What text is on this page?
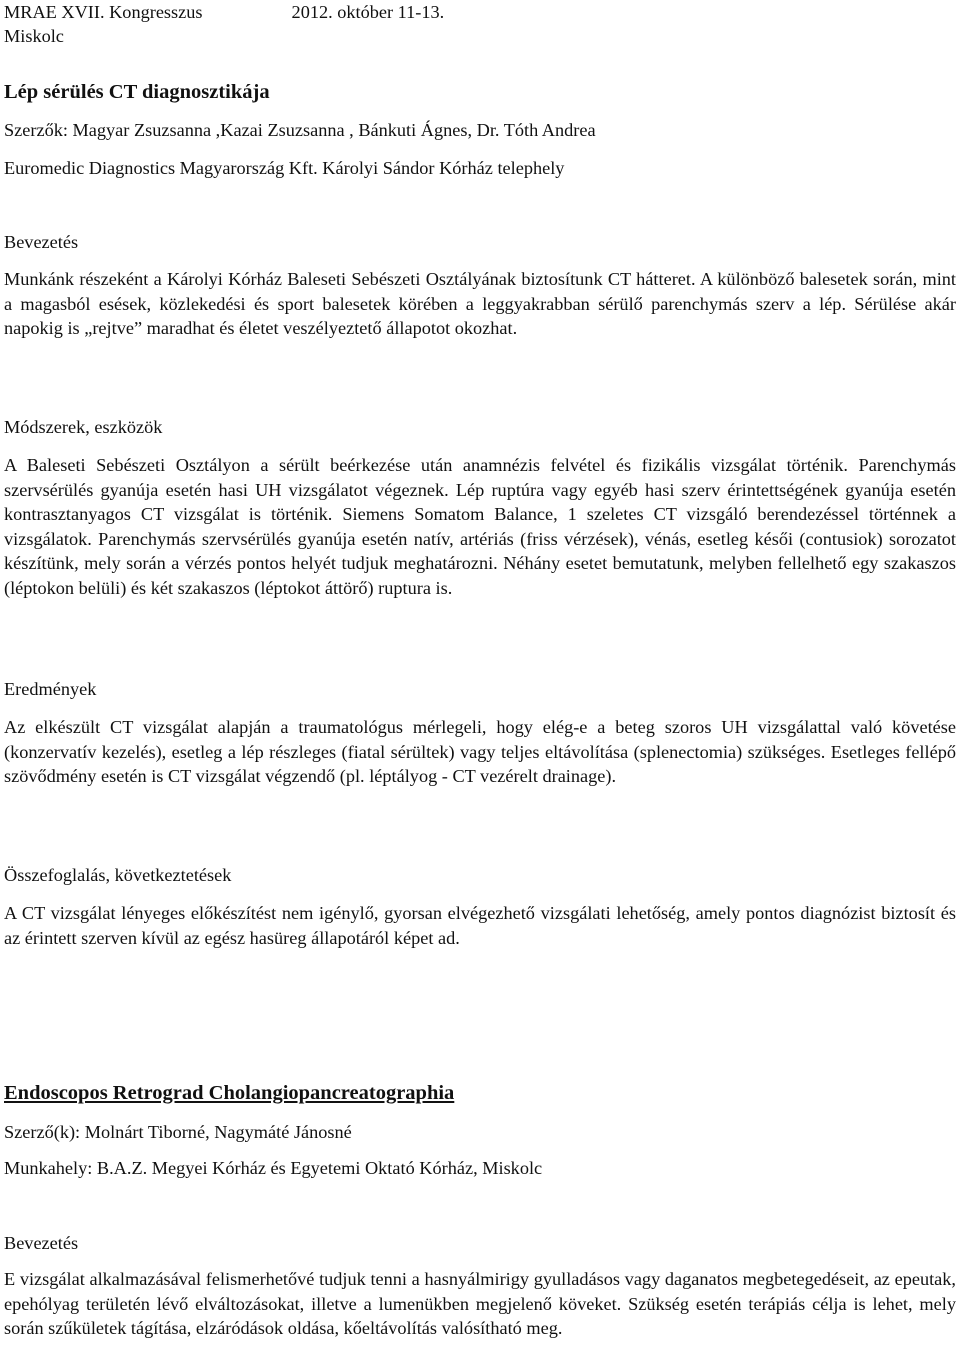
MRAE XVII. Kongresszus	2012. október 11-13.
Miskolc
Lép sérülés CT diagnosztikája
Szerzők: Magyar Zsuzsanna ,Kazai Zsuzsanna , Bánkuti Ágnes, Dr. Tóth Andrea
Euromedic Diagnostics Magyarország Kft. Károlyi Sándor Kórház telephely
Bevezetés
Munkánk részeként a Károlyi Kórház Baleseti Sebészeti Osztályának biztosítunk CT hátteret. A különböző balesetek során, mint a magasból esések, közlekedési és sport balesetek körében a leggyakrabban sérülő parenchymás szerv a lép. Sérülése akár napokig is „rejtve” maradhat és életet veszélyeztető állapotot okozhat.
Módszerek, eszközök
A Baleseti Sebészeti Osztályon a sérült beérkezése után anamnézis felvétel és fizikális vizsgálat történik. Parenchymás szervsérülés gyanúja esetén hasi UH vizsgálatot végeznek. Lép ruptúra vagy egyéb hasi szerv érintettségének gyanúja esetén kontrasztanyagos CT vizsgálat is történik. Siemens Somatom Balance, 1 szeletes CT vizsgáló berendezéssel történnek a vizsgálatok. Parenchymás szervsérülés gyanúja esetén natív, artériás (friss vérzések), vénás, esetleg késői (contusiok) sorozatot készítünk, mely során a vérzés pontos helyét tudjuk meghatározni. Néhány esetet bemutatunk, melyben fellelhető egy szakaszos (léptokon belüli) és két szakaszos (léptokot áttörő) ruptura is.
Eredmények
Az elkészült CT vizsgálat alapján a traumatológus mérlegeli, hogy elég-e a beteg szoros UH vizsgálattal való követése (konzervatív kezelés), esetleg a lép részleges (fiatal sérültek) vagy teljes eltávolítása (splenectomia) szükséges. Esetleges fellépő szövődmény esetén is CT vizsgálat végzendő (pl. léptályog - CT vezérelt drainage).
Összefoglalás, következtetések
A CT vizsgálat lényeges előkészítést nem igénylő, gyorsan elvégezhető vizsgálati lehetőség, amely pontos diagnózist biztosít és az érintett szerven kívül az egész hasüreg állapotáról képet ad.
Endoscopos Retrograd Cholangiopancreatographia
Szerző(k): Molnárt Tiborné, Nagymáté Jánosné
Munkahely: B.A.Z. Megyei Kórház és Egyetemi Oktató Kórház, Miskolc
Bevezetés
E vizsgálat alkalmazásával felismerhetővé tudjuk tenni a hasnyálmirigy gyulladásos vagy daganatos megbetegedéseit, az epeutak, epehólyag területén lévő elváltozásokat, illetve a lumenükben megjelenő köveket. Szükség esetén terápiás célja is lehet, mely során szűkületek tágítása, elzáródások oldása, kőeltávolítás valósítható meg.
